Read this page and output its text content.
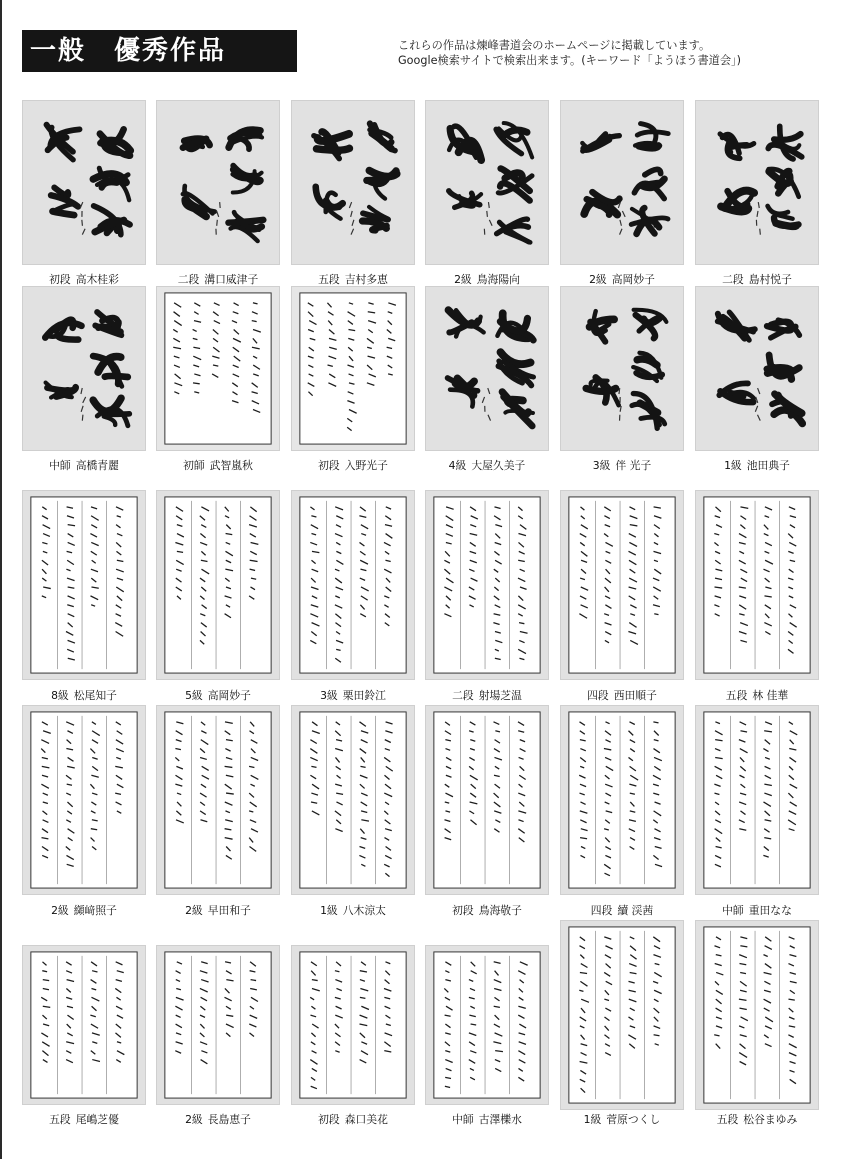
一般　優秀作品	これらの作品は煉峰書道会のホームページに掲載しています。
Google検索サイトで検索出来ます。(キーワード「ようほう書道会」)
初段 高木桂彩	二段 溝口威津子	五段 吉村多恵	2級 鳥海陽向	2級 高岡妙子	二段 島村悦子
中師 高橋青麗	初師 武智嵐秋	初段 入野光子	4級 大屋久美子	3級 伴 光子	1級 池田典子
8級 松尾知子	5級 高岡妙子	3級 栗田鈴江	二段 射場芝温	四段 西田順子	五段 林 佳華
2級 纐﨑照子	2級 早田和子	1級 八木涼太	初段 鳥海敬子	四段 續 渓茜	中師 重田なな
五段 尾嶋芝優	2級 長島恵子	初段 森口美花	中師 古澤櫟水	1級 菅原つくし	五段 松谷まゆみ
